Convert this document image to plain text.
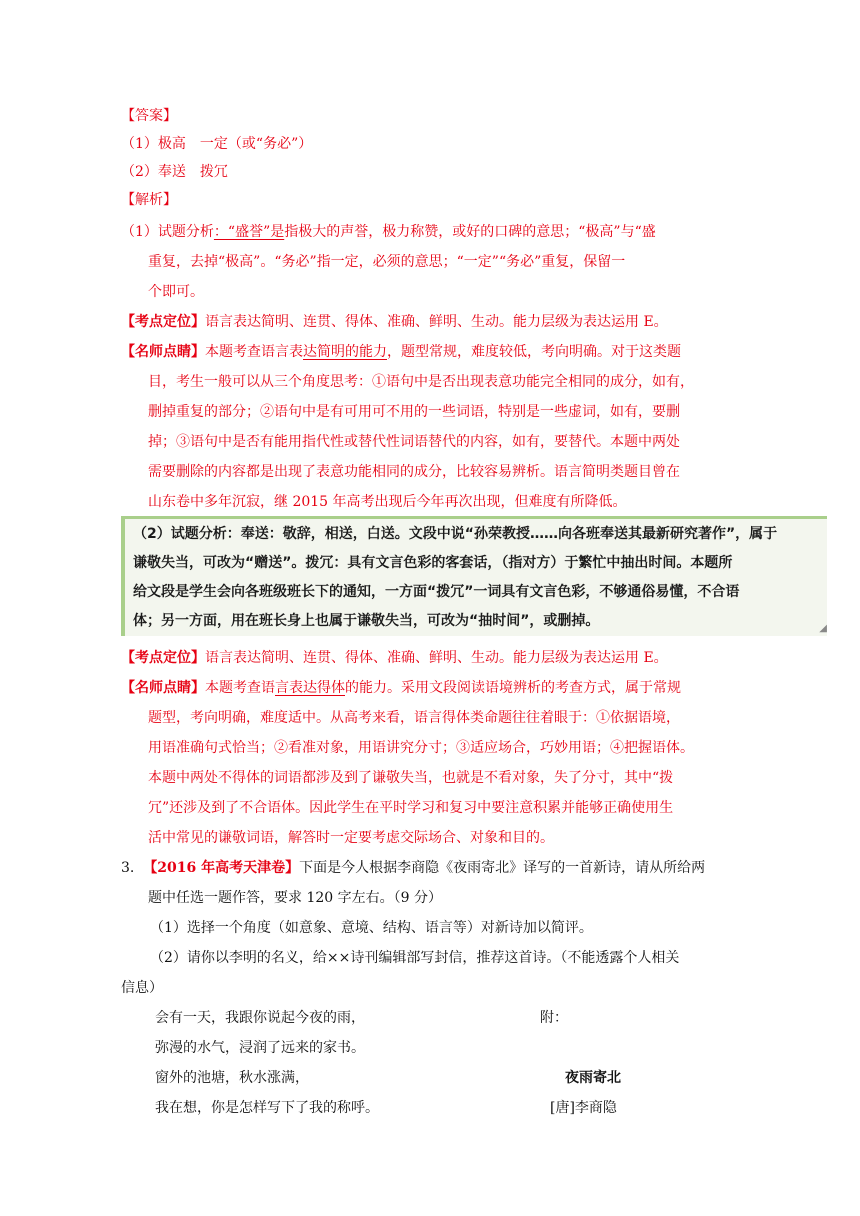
【答案】
（1）极高　一定（或“务必”）
（2）奉送　拨冗
【解析】
（1）试题分析：“盛誉”是指极大的声誉，极力称赞，或好的口碑的意思；“极高”与“盛
重复，去掉“极高”。“务必”指一定，必须的意思；“一定”“务必”重复，保留一
个即可。
【考点定位】语言表达简明、连贯、得体、准确、鲜明、生动。能力层级为表达运用 E。
【名师点睛】本题考查语言表达简明的能力，题型常规，难度较低，考向明确。对于这类题
目，考生一般可以从三个角度思考：①语句中是否出现表意功能完全相同的成分，如有，
删掉重复的部分；②语句中是有可用可不用的一些词语，特别是一些虚词，如有，要删
掉；③语句中是否有能用指代性或替代性词语替代的内容，如有，要替代。本题中两处
需要删除的内容都是出现了表意功能相同的成分，比较容易辨析。语言简明类题目曾在
山东卷中多年沉寂，继 2015 年高考出现后今年再次出现，但难度有所降低。
（2）试题分析：奉送：敬辞，相送，白送。文段中说“孙荣教授……向各班奉送其最新研究著作”，属于
谦敬失当，可改为“赠送”。拨冗：具有文言色彩的客套话，（指对方）于繁忙中抽出时间。本题所
给文段是学生会向各班级班长下的通知，一方面“拨冗”一词具有文言色彩，不够通俗易懂，不合语
体；另一方面，用在班长身上也属于谦敬失当，可改为“抽时间”，或删掉。	◢
【考点定位】语言表达简明、连贯、得体、准确、鲜明、生动。能力层级为表达运用 E。
【名师点睛】本题考查语言表达得体的能力。采用文段阅读语境辨析的考查方式，属于常规
题型，考向明确，难度适中。从高考来看，语言得体类命题往往着眼于：①依据语境，
用语准确句式恰当；②看准对象，用语讲究分寸；③适应场合，巧妙用语；④把握语体。
本题中两处不得体的词语都涉及到了谦敬失当，也就是不看对象，失了分寸，其中“拨
冗”还涉及到了不合语体。因此学生在平时学习和复习中要注意积累并能够正确使用生
活中常见的谦敬词语，解答时一定要考虑交际场合、对象和目的。
3. 【2016 年高考天津卷】下面是今人根据李商隐《夜雨寄北》译写的一首新诗，请从所给两
题中任选一题作答，要求 120 字左右。（9 分）
（1）选择一个角度（如意象、意境、结构、语言等）对新诗加以简评。
（2）请你以李明的名义，给××诗刊编辑部写封信，推荐这首诗。（不能透露个人相关
信息）
会有一天，我跟你说起今夜的雨，	附：
弥漫的水气，浸润了远来的家书。
窗外的池塘，秋水涨满，	夜雨寄北
我在想，你是怎样写下了我的称呼。	[唐]李商隐
